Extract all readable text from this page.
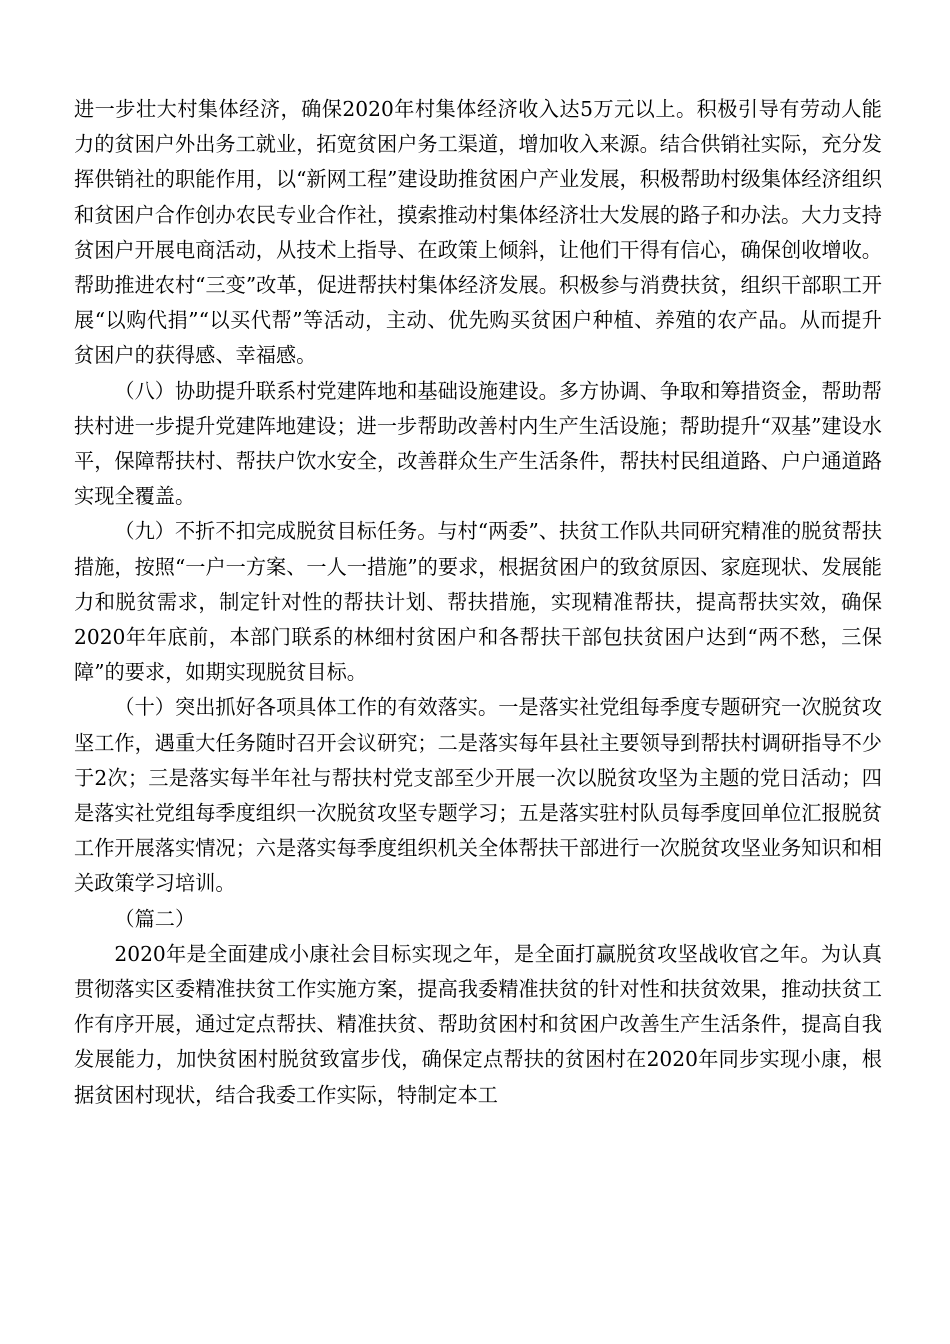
进一步壮大村集体经济，确保2020年村集体经济收入达5万元以上。积极引导有劳动人能力的贫困户外出务工就业，拓宽贫困户务工渠道，增加收入来源。结合供销社实际，充分发挥供销社的职能作用，以“新网工程”建设助推贫困户产业发展，积极帮助村级集体经济组织和贫困户合作创办农民专业合作社，摸索推动村集体经济壮大发展的路子和办法。大力支持贫困户开展电商活动，从技术上指导、在政策上倾斜，让他们干得有信心，确保创收增收。帮助推进农村“三变”改革，促进帮扶村集体经济发展。积极参与消费扶贫，组织干部职工开展“以购代捐”“以买代帮”等活动，主动、优先购买贫困户种植、养殖的农产品。从而提升贫困户的获得感、幸福感。

（八）协助提升联系村党建阵地和基础设施建设。多方协调、争取和筹措资金，帮助帮扶村进一步提升党建阵地建设；进一步帮助改善村内生产生活设施；帮助提升“双基”建设水平，保障帮扶村、帮扶户饮水安全，改善群众生产生活条件，帮扶村民组道路、户户通道路实现全覆盖。

（九）不折不扣完成脱贫目标任务。与村“两委”、扶贫工作队共同研究精准的脱贫帮扶措施，按照“一户一方案、一人一措施”的要求，根据贫困户的致贫原因、家庭现状、发展能力和脱贫需求，制定针对性的帮扶计划、帮扶措施，实现精准帮扶，提高帮扶实效，确保2020年年底前，本部门联系的林细村贫困户和各帮扶干部包扶贫困户达到“两不愁，三保障”的要求，如期实现脱贫目标。

（十）突出抓好各项具体工作的有效落实。一是落实社党组每季度专题研究一次脱贫攻坚工作，遇重大任务随时召开会议研究；二是落实每年县社主要领导到帮扶村调研指导不少于2次；三是落实每半年社与帮扶村党支部至少开展一次以脱贫攻坚为主题的党日活动；四是落实社党组每季度组织一次脱贫攻坚专题学习；五是落实驻村队员每季度回单位汇报脱贫工作开展落实情况；六是落实每季度组织机关全体帮扶干部进行一次脱贫攻坚业务知识和相关政策学习培训。

（篇二）

2020年是全面建成小康社会目标实现之年，是全面打赢脱贫攻坚战收官之年。为认真贯彻落实区委精准扶贫工作实施方案，提高我委精准扶贫的针对性和扶贫效果，推动扶贫工作有序开展，通过定点帮扶、精准扶贫、帮助贫困村和贫困户改善生产生活条件，提高自我发展能力，加快贫困村脱贫致富步伐，确保定点帮扶的贫困村在2020年同步实现小康，根据贫困村现状，结合我委工作实际，特制定本工
